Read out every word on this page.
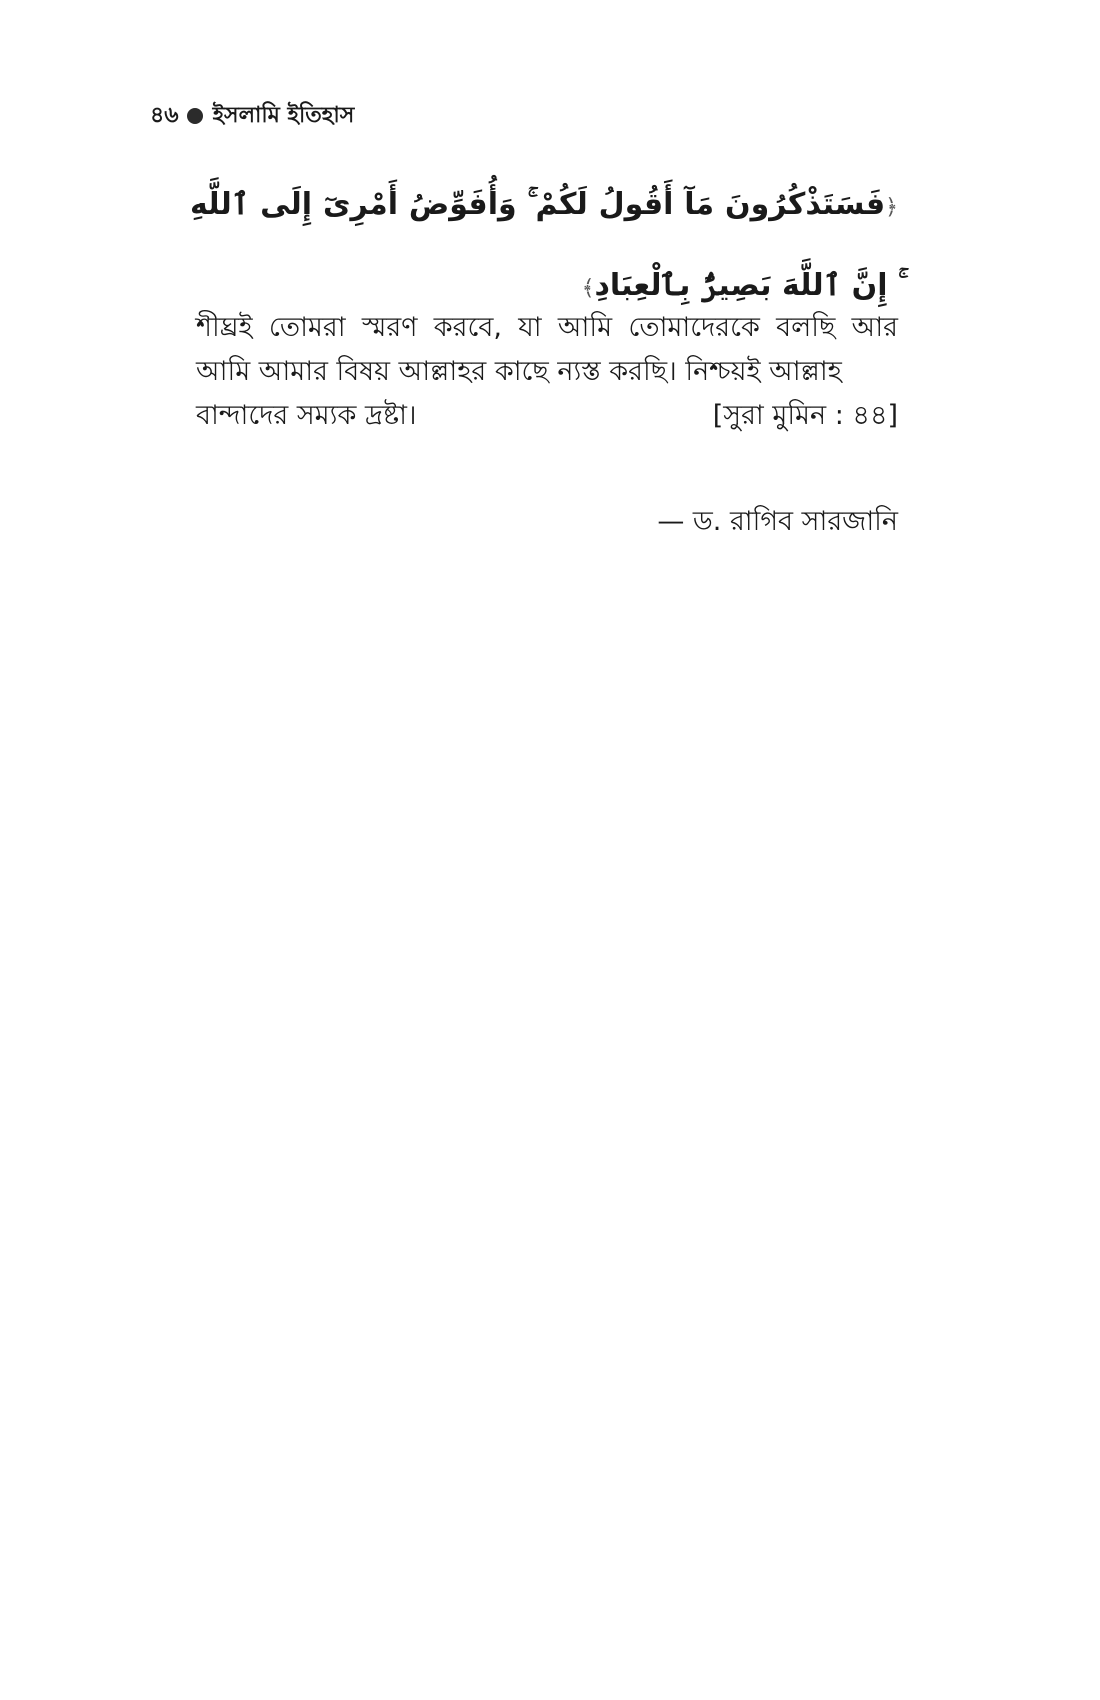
৪৬ ইসলামি ইতিহাস
﴿فَسَتَذْكُرُونَ مَآ أَقُولُ لَكُمْ ۚ وَأُفَوِّضُ أَمْرِىٓ إِلَى ٱللَّهِ ۚ إِنَّ ٱللَّهَ بَصِيرٌۢ بِٱلْعِبَادِ﴾

শীঘ্রই তোমরা স্মরণ করবে, যা আমি তোমাদেরকে বলছি আর আমি আমার বিষয় আল্লাহর কাছে ন্যস্ত করছি। নিশ্চয়ই আল্লাহ

বান্দাদের সম্যক দ্রষ্টা।	[সুরা মুমিন : ৪৪]
— ড. রাগিব সারজানি
